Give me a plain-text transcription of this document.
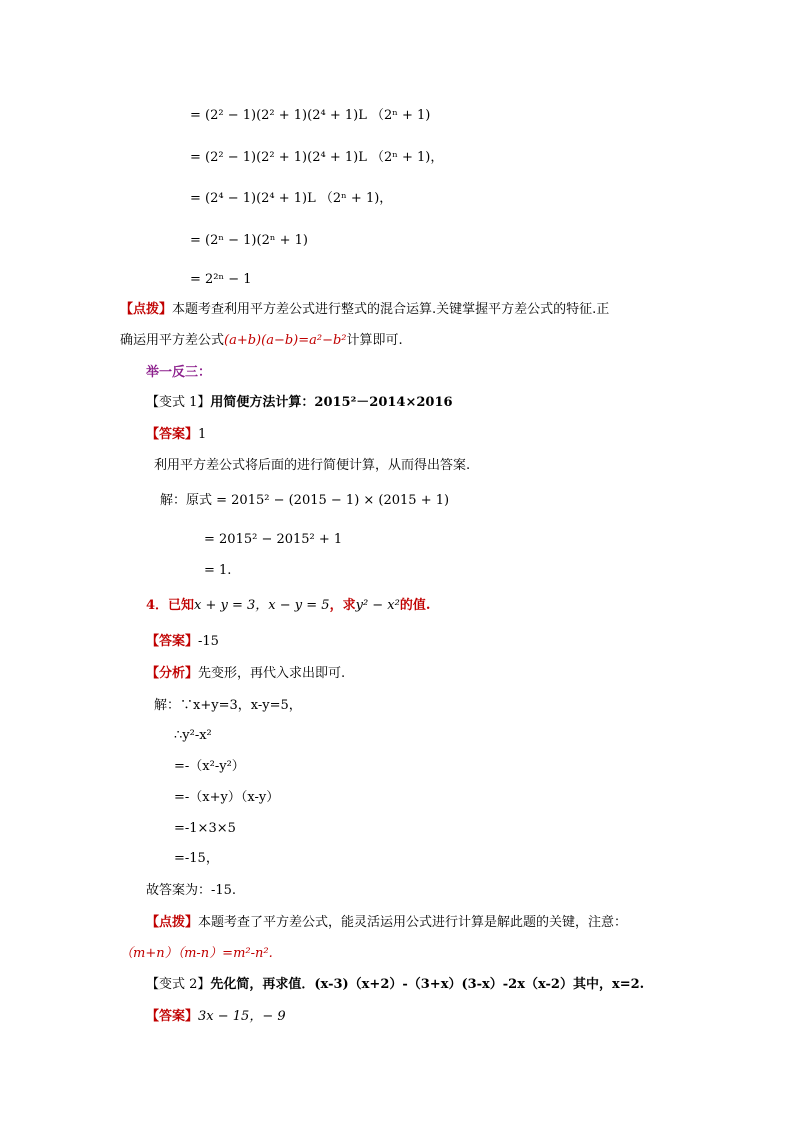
= (2² − 1)(2² + 1)(2⁴ + 1)L （2ⁿ + 1)
= (2² − 1)(2² + 1)(2⁴ + 1)L （2ⁿ + 1)，
= (2⁴ − 1)(2⁴ + 1)L （2ⁿ + 1)，
= (2ⁿ − 1)(2ⁿ + 1)
= 2²ⁿ − 1
【点拨】本题考查利用平方差公式进行整式的混合运算.关键掌握平方差公式的特征.正
确运用平方差公式(a+b)(a−b)=a²−b²计算即可.
举一反三：
【变式 1】用简便方法计算：2015²－2014×2016
【答案】1
利用平方差公式将后面的进行简便计算，从而得出答案.
解：原式 = 2015² − (2015 − 1) × (2015 + 1)
= 2015² − 2015² + 1
= 1.
4．已知x + y = 3，x − y = 5，求y² − x²的值.
【答案】-15
【分析】先变形，再代入求出即可.
解：∵x+y=3，x-y=5，
∴y²-x²
=-（x²-y²）
=-（x+y）（x-y）
=-1×3×5
=-15，
故答案为：-15.
【点拨】本题考查了平方差公式，能灵活运用公式进行计算是解此题的关键，注意：
（m+n）（m-n）=m²-n².
【变式 2】先化简，再求值．(x-3)（x+2）-（3+x）(3-x）-2x（x-2）其中，x=2.
【答案】3x − 15，− 9
